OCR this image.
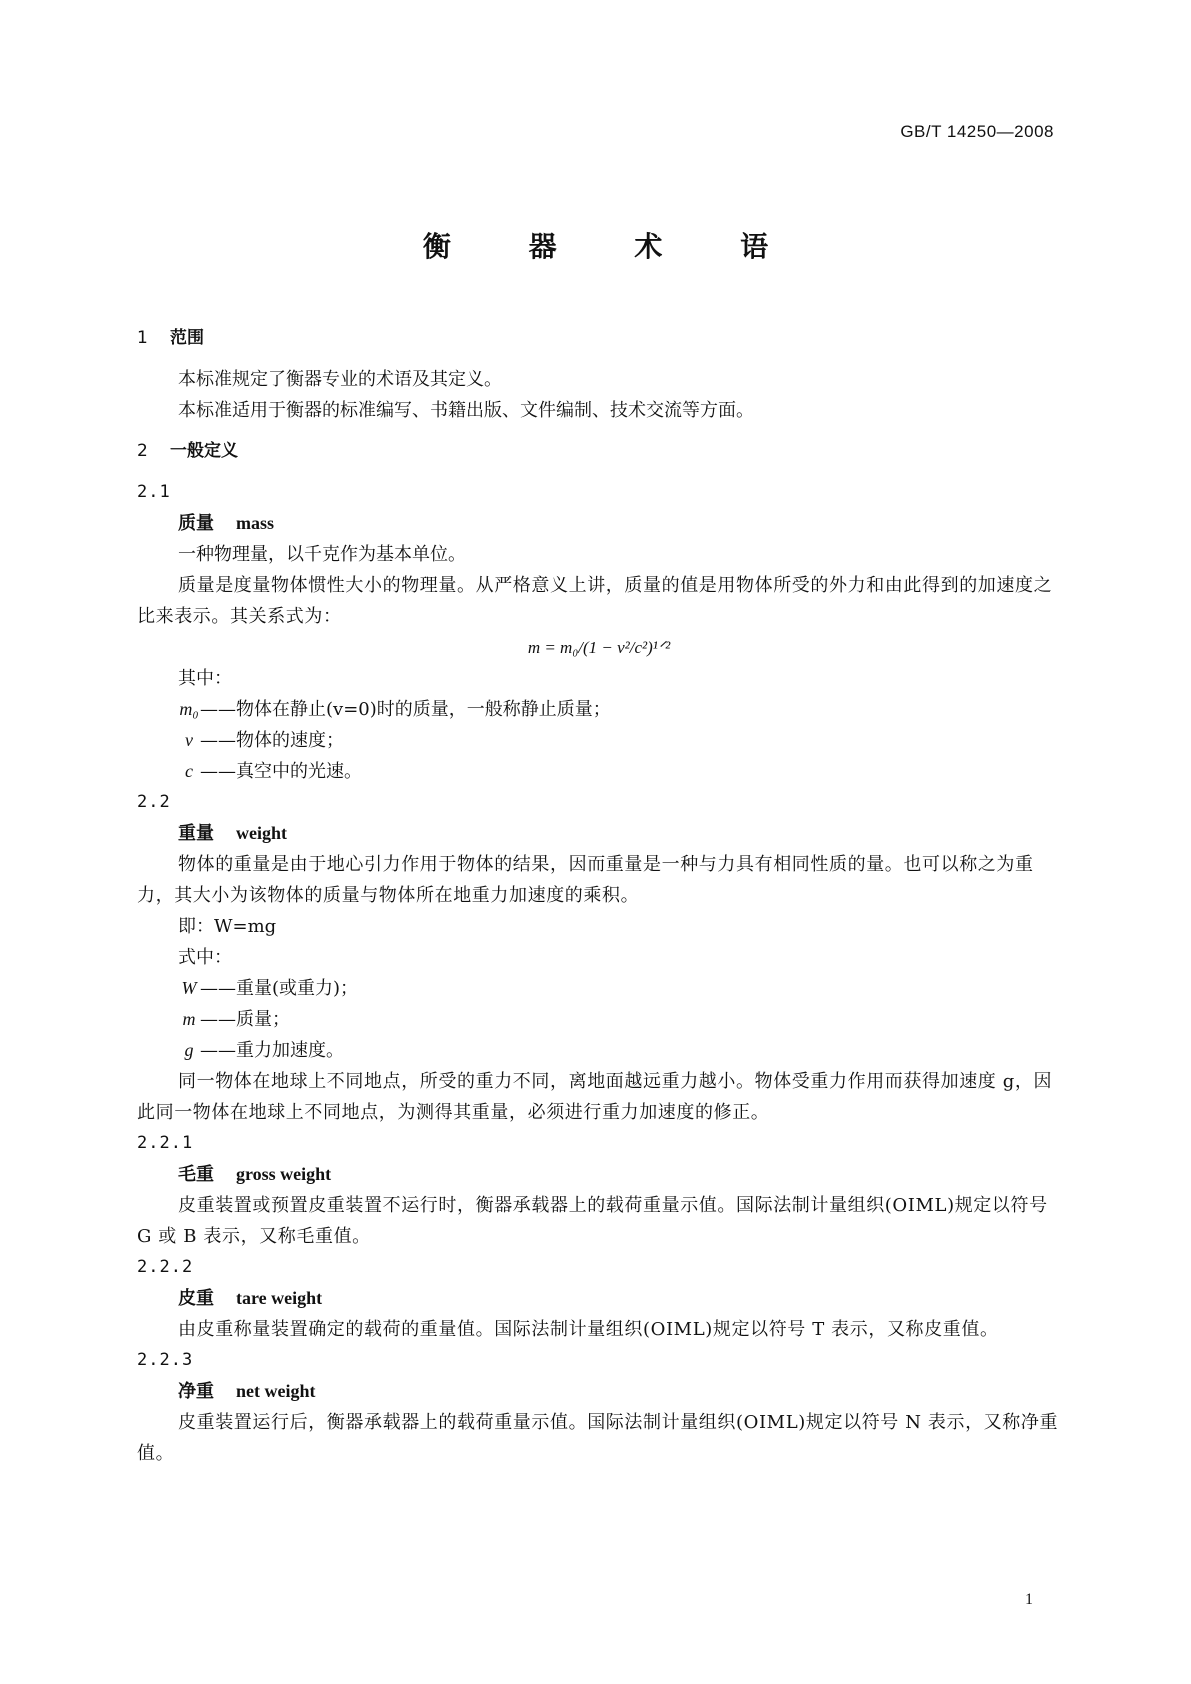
GB/T 14250—2008
衡 器 术 语
1 范围
本标准规定了衡器专业的术语及其定义。
本标准适用于衡器的标准编写、书籍出版、文件编制、技术交流等方面。
2 一般定义
2.1
质量 mass
一种物理量，以千克作为基本单位。
质量是度量物体惯性大小的物理量。从严格意义上讲，质量的值是用物体所受的外力和由此得到的加速度之比来表示。其关系式为：
m = m₀/(1 − v²/c²)¹ᐟ²
其中：
m₀——物体在静止(v=0)时的质量，一般称静止质量；
v ——物体的速度；
c ——真空中的光速。
2.2
重量 weight
物体的重量是由于地心引力作用于物体的结果，因而重量是一种与力具有相同性质的量。也可以称之为重力，其大小为该物体的质量与物体所在地重力加速度的乘积。
即：W=mg
式中：
W ——重量(或重力)；
m ——质量；
g ——重力加速度。
同一物体在地球上不同地点，所受的重力不同，离地面越远重力越小。物体受重力作用而获得加速度 g，因此同一物体在地球上不同地点，为测得其重量，必须进行重力加速度的修正。
2.2.1
毛重 gross weight
皮重装置或预置皮重装置不运行时，衡器承载器上的载荷重量示值。国际法制计量组织(OIML)规定以符号 G 或 B 表示，又称毛重值。
2.2.2
皮重 tare weight
由皮重称量装置确定的载荷的重量值。国际法制计量组织(OIML)规定以符号 T 表示，又称皮重值。
2.2.3
净重 net weight
皮重装置运行后，衡器承载器上的载荷重量示值。国际法制计量组织(OIML)规定以符号 N 表示，又称净重值。
1
